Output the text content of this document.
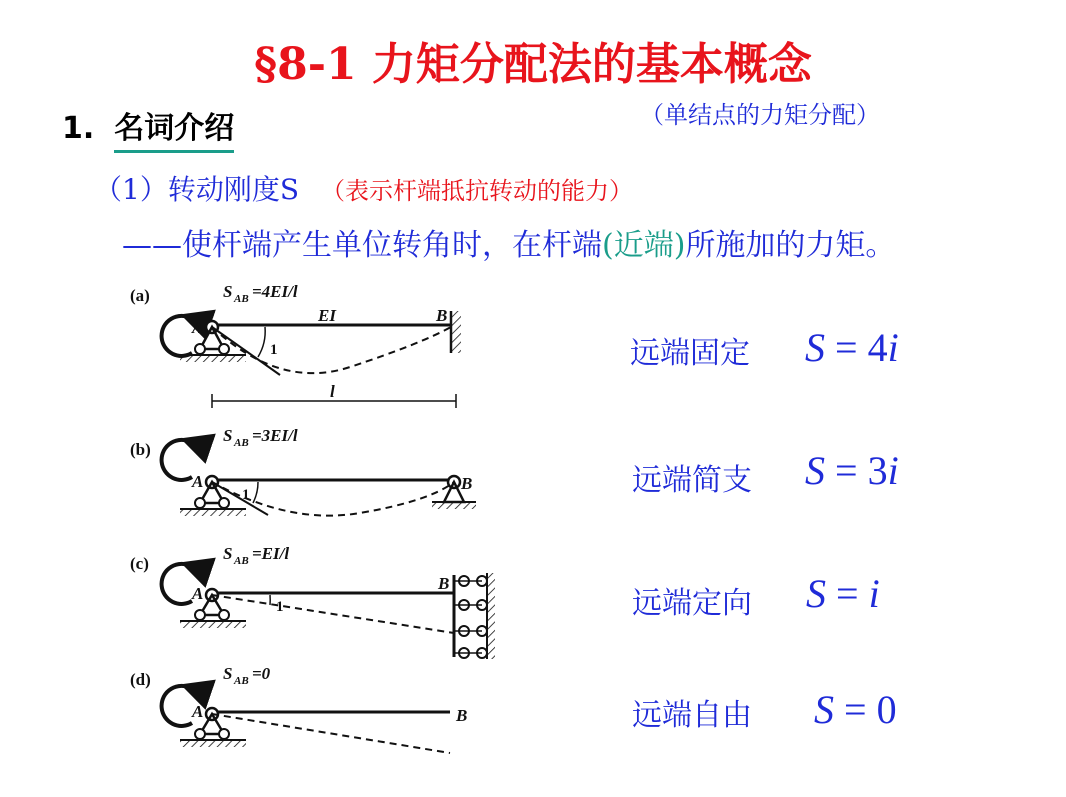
§8-1 力矩分配法的基本概念
1. 名词介绍	（单结点的力矩分配）
（1）转动刚度S （表示杆端抵抗转动的能力）
——使杆端产生单位转角时，在杆端(近端)所施加的力矩。
(a)	S AB =4EI/l
EI
A
B
1
l
(b)
S AB =3EI/l
A	B
1
(c)
S AB =EI/l
A
B
1
(d)	S AB =0
A	B
远端固定 S = 4i
远端简支 S = 3i
远端定向 S = i
远端自由 S = 0
